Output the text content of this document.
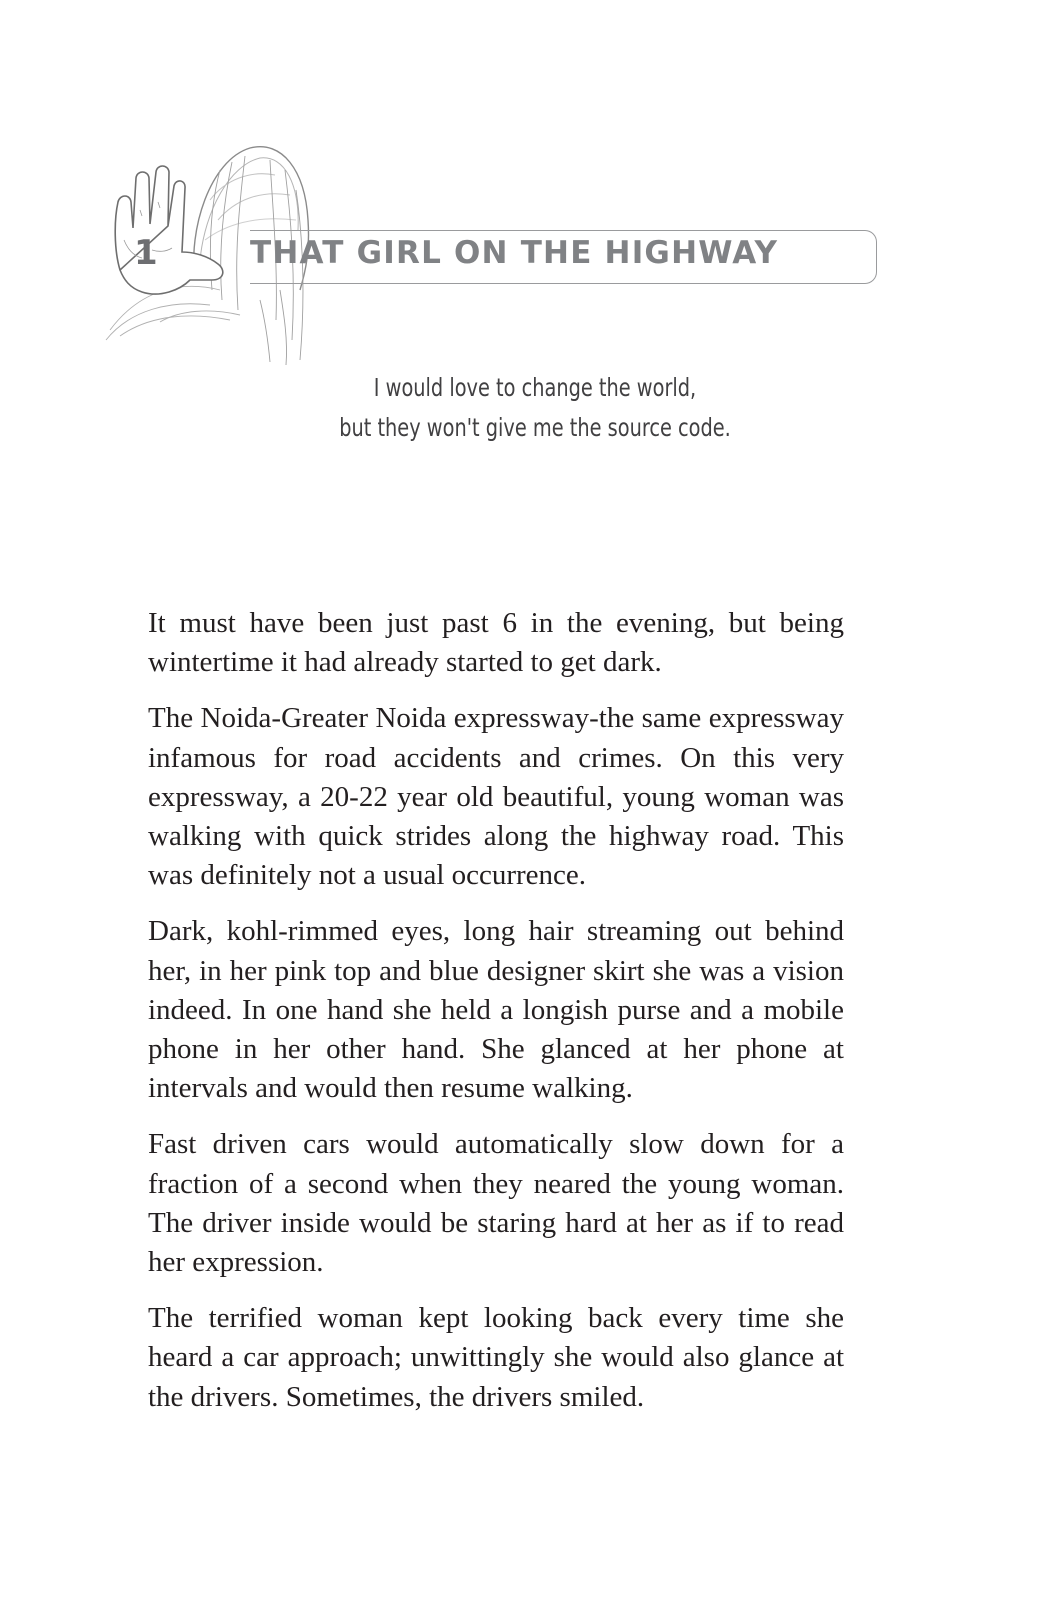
1	THAT GIRL ON THE HIGHWAY
I would love to change the world,
but they won't give me the source code.

It must have been just past 6 in the evening, but being wintertime it had already started to get dark.

The Noida-Greater Noida expressway-the same expressway infamous for road accidents and crimes. On this very expressway, a 20-22 year old beautiful, young woman was walking with quick strides along the highway road. This was definitely not a usual occurrence.

Dark, kohl-rimmed eyes, long hair streaming out behind her, in her pink top and blue designer skirt she was a vision indeed. In one hand she held a longish purse and a mobile phone in her other hand. She glanced at her phone at intervals and would then resume walking.

Fast driven cars would automatically slow down for a fraction of a second when they neared the young woman. The driver inside would be staring hard at her as if to read her expression.

The terrified woman kept looking back every time she heard a car approach; unwittingly she would also glance at the drivers. Sometimes, the drivers smiled.
